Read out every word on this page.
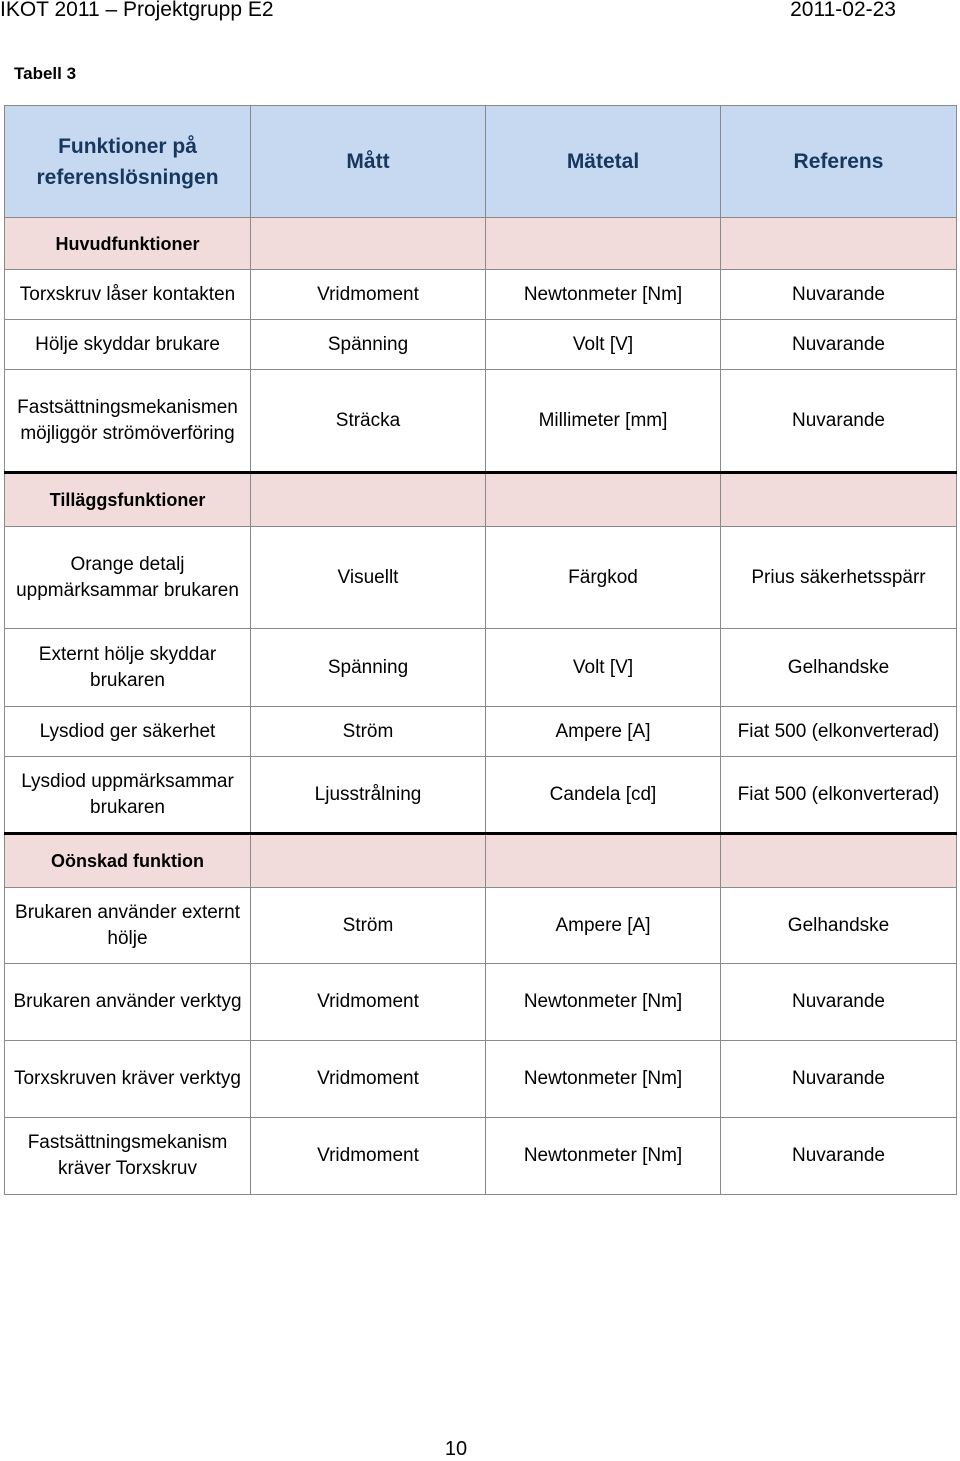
IKOT 2011 – Projektgrupp E2	2011-02-23
Tabell 3
Funktioner på referenslösningen	Mått	Mätetal	Referens
Huvudfunktioner			
Torxskruv låser kontakten	Vridmoment	Newtonmeter [Nm]	Nuvarande
Hölje skyddar brukare	Spänning	Volt [V]	Nuvarande
Fastsättningsmekanismen möjliggör strömöverföring	Sträcka	Millimeter [mm]	Nuvarande
Tilläggsfunktioner			
Orange detalj uppmärksammar brukaren	Visuellt	Färgkod	Prius säkerhetsspärr
Externt hölje skyddar brukaren	Spänning	Volt [V]	Gelhandske
Lysdiod ger säkerhet	Ström	Ampere [A]	Fiat 500 (elkonverterad)
Lysdiod uppmärksammar brukaren	Ljusstrålning	Candela [cd]	Fiat 500 (elkonverterad)
Oönskad funktion			
Brukaren använder externt hölje	Ström	Ampere [A]	Gelhandske
Brukaren använder verktyg	Vridmoment	Newtonmeter [Nm]	Nuvarande
Torxskruven kräver verktyg	Vridmoment	Newtonmeter [Nm]	Nuvarande
Fastsättningsmekanism kräver Torxskruv	Vridmoment	Newtonmeter [Nm]	Nuvarande
10
